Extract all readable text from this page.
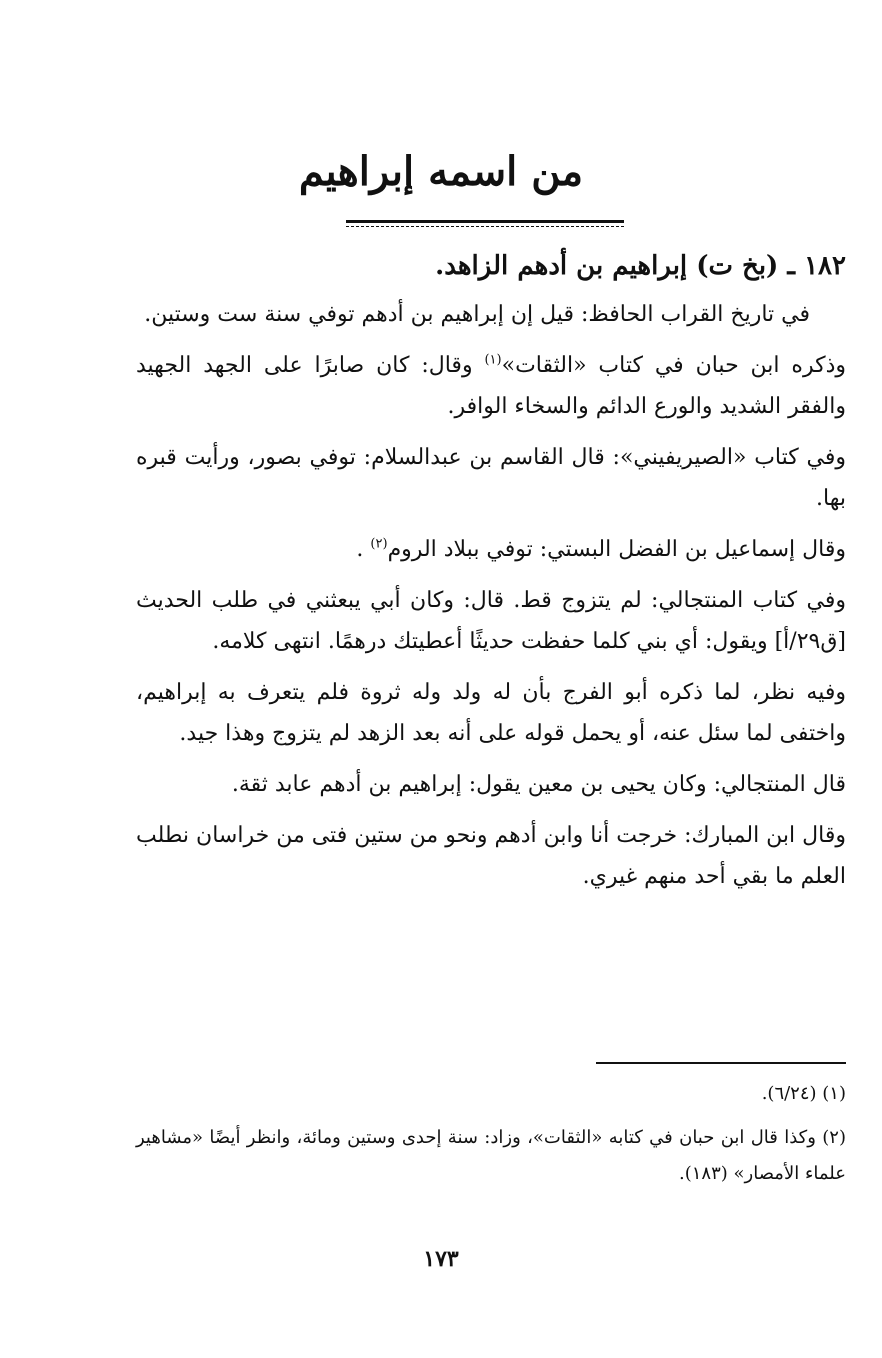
من اسمه إبراهيم

١٨٢ ـ (بخ ت) إبراهيم بن أدهم الزاهد.

في تاريخ القراب الحافظ: قيل إن إبراهيم بن أدهم توفي سنة ست وستين.

وذكره ابن حبان في كتاب «الثقات»$^{(١)}$ وقال: كان صابرًا على الجهد الجهيد والفقر الشديد والورع الدائم والسخاء الوافر.

وفي كتاب «الصيريفيني»: قال القاسم بن عبدالسلام: توفي بصور، ورأيت قبره بها.

وقال إسماعيل بن الفضل البستي: توفي ببلاد الروم$^{(٢)}$ .

وفي كتاب المنتجالي: لم يتزوج قط. قال: وكان أبي يبعثني في طلب الحديث [ق٢٩/أ] ويقول: أي بني كلما حفظت حديثًا أعطيتك درهمًا. انتهى كلامه.

وفيه نظر، لما ذكره أبو الفرج بأن له ولد وله ثروة فلم يتعرف به إبراهيم، واختفى لما سئل عنه، أو يحمل قوله على أنه بعد الزهد لم يتزوج وهذا جيد.

قال المنتجالي: وكان يحيى بن معين يقول: إبراهيم بن أدهم عابد ثقة.

وقال ابن المبارك: خرجت أنا وابن أدهم ونحو من ستين فتى من خراسان نطلب العلم ما بقي أحد منهم غيري.

(١) (٦/٢٤).

(٢) وكذا قال ابن حبان في كتابه «الثقات»، وزاد: سنة إحدى وستين ومائة، وانظر أيضًا «مشاهير علماء الأمصار» (١٨٣).

١٧٣
